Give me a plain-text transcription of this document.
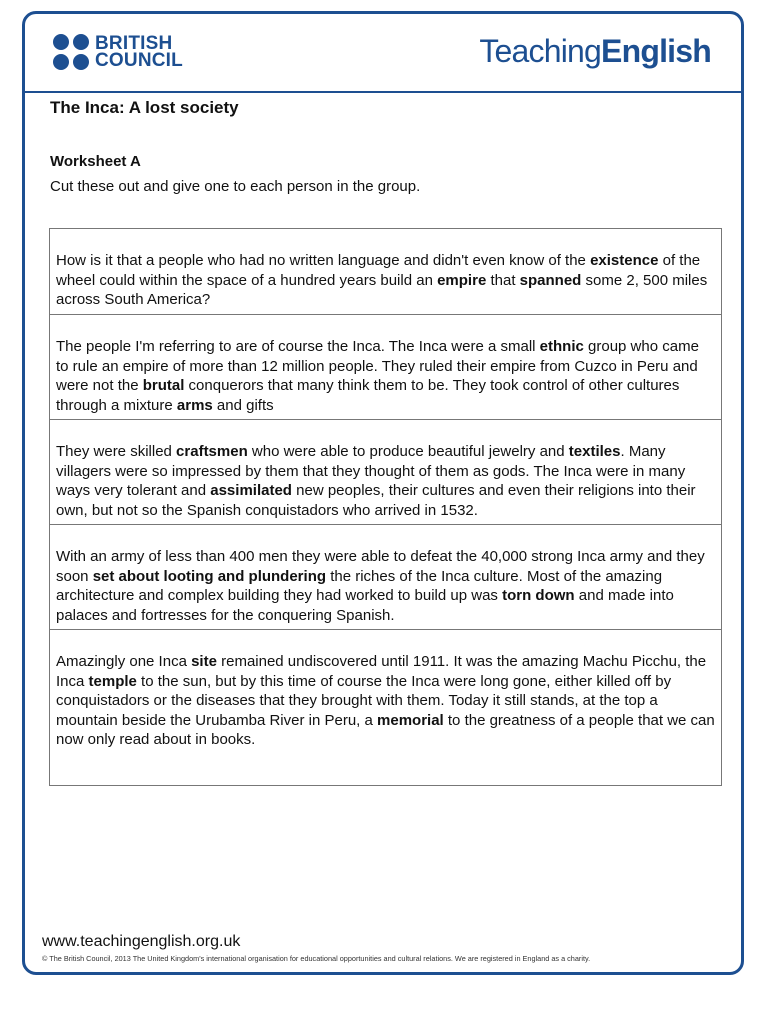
BRITISH
COUNCIL	TeachingEnglish
The Inca: A lost society
Worksheet A
Cut these out and give one to each person in the group.
How is it that a people who had no written language and didn't even know of the existence of the wheel could within the space of a hundred years build an empire that spanned some 2, 500 miles across South America?
The people I'm referring to are of course the Inca. The Inca were a small ethnic group who came to rule an empire of more than 12 million people. They ruled their empire from Cuzco in Peru and were not the brutal conquerors that many think them to be. They took control of other cultures through a mixture arms and gifts
They were skilled craftsmen who were able to produce beautiful jewelry and textiles. Many villagers were so impressed by them that they thought of them as gods. The Inca were in many ways very tolerant and assimilated new peoples, their cultures and even their religions into their own, but not so the Spanish conquistadors who arrived in 1532.
With an army of less than 400 men they were able to defeat the 40,000 strong Inca army and they soon set about looting and plundering the riches of the Inca culture. Most of the amazing architecture and complex building they had worked to build up was torn down and made into palaces and fortresses for the conquering Spanish.
Amazingly one Inca site remained undiscovered until 1911. It was the amazing Machu Picchu, the Inca temple to the sun, but by this time of course the Inca were long gone, either killed off by conquistadors or the diseases that they brought with them. Today it still stands, at the top a mountain beside the Urubamba River in Peru, a memorial to the greatness of a people that we can now only read about in books.
www.teachingenglish.org.uk
© The British Council, 2013 The United Kingdom's international organisation for educational opportunities and cultural relations. We are registered in England as a charity.
